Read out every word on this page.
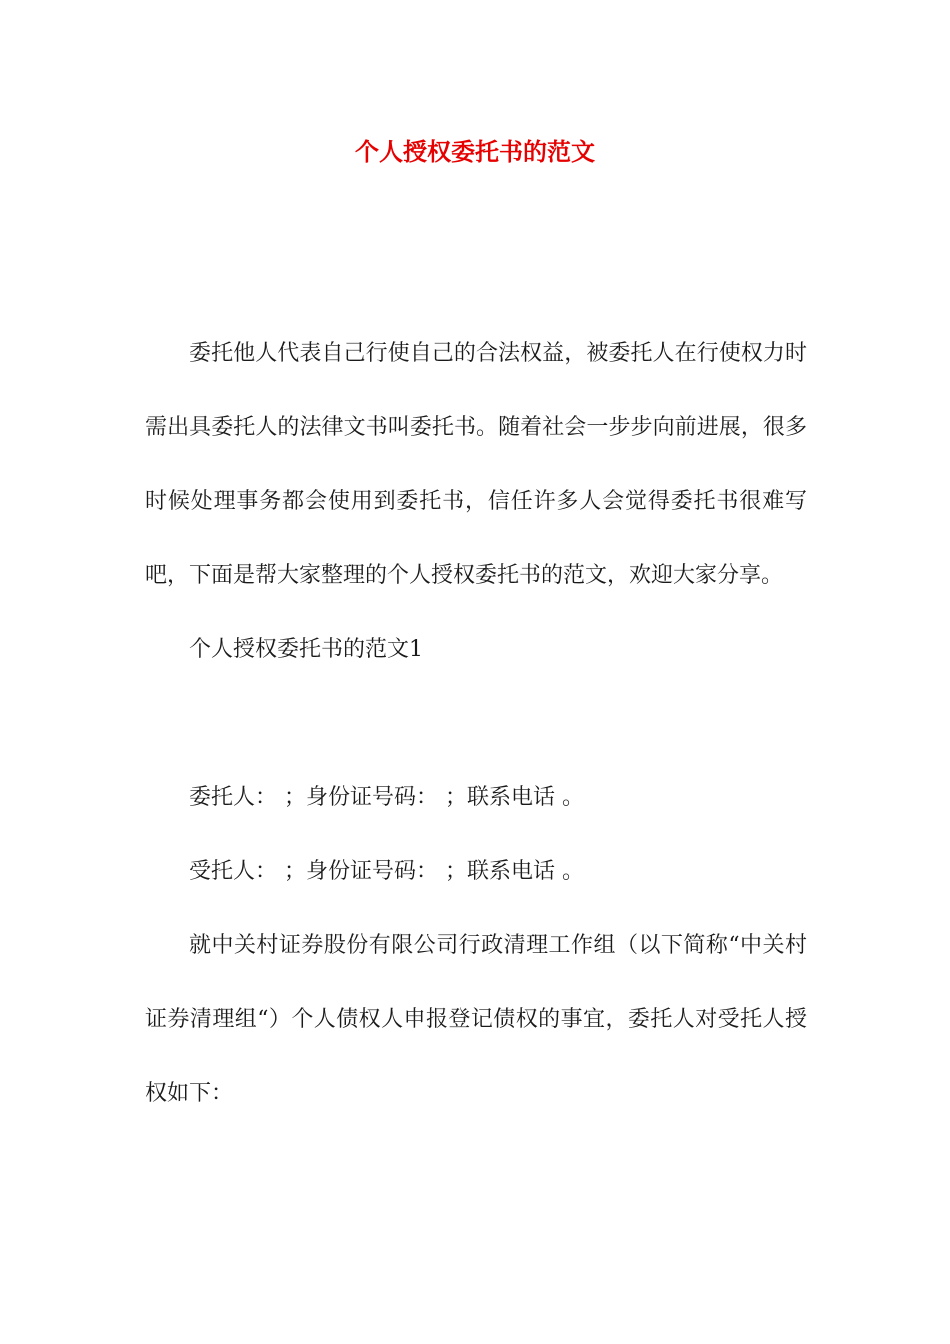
个人授权委托书的范文

委托他人代表自己行使自己的合法权益，被委托人在行使权力时需出具委托人的法律文书叫委托书。随着社会一步步向前进展，很多时候处理事务都会使用到委托书，信任许多人会觉得委托书很难写吧，下面是帮大家整理的个人授权委托书的范文，欢迎大家分享。

个人授权委托书的范文1

委托人： ；身份证号码： ；联系电话 。

受托人： ；身份证号码： ；联系电话 。

就中关村证券股份有限公司行政清理工作组（以下简称“中关村证券清理组“）个人债权人申报登记债权的事宜，委托人对受托人授权如下：
